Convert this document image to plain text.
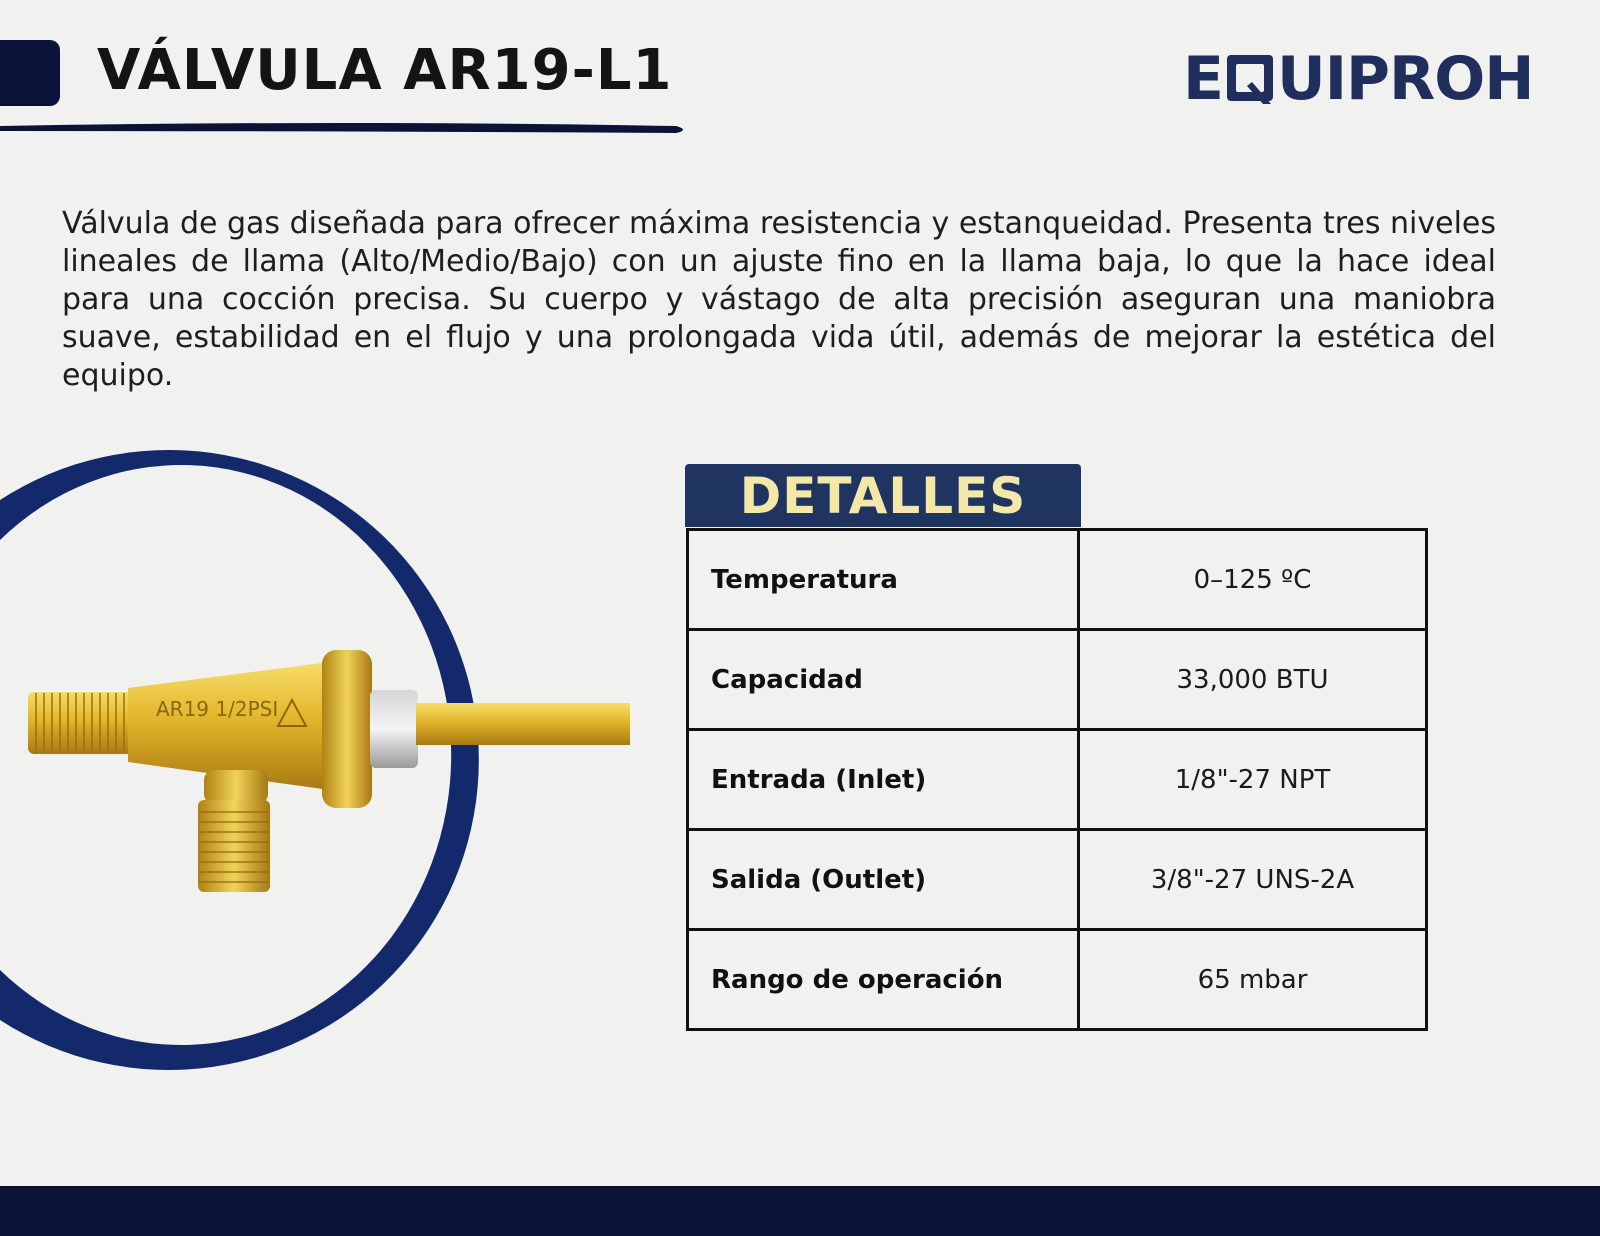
VÁLVULA AR19-L1	E UIPROH

Válvula de gas diseñada para ofrecer máxima resistencia y estanqueidad. Presenta tres niveles lineales de llama (Alto/Medio/Bajo) con un ajuste fino en la llama baja, lo que la hace ideal para una cocción precisa. Su cuerpo y vástago de alta precisión aseguran una maniobra suave, estabilidad en el flujo y una prolongada vida útil, además de mejorar la estética del equipo.

AR19 1/2PSI
DETALLES
Temperatura	0–125 ºC
Capacidad	33,000 BTU
Entrada (Inlet)	1/8"-27 NPT
Salida (Outlet)	3/8"-27 UNS-2A
Rango de operación	65 mbar
